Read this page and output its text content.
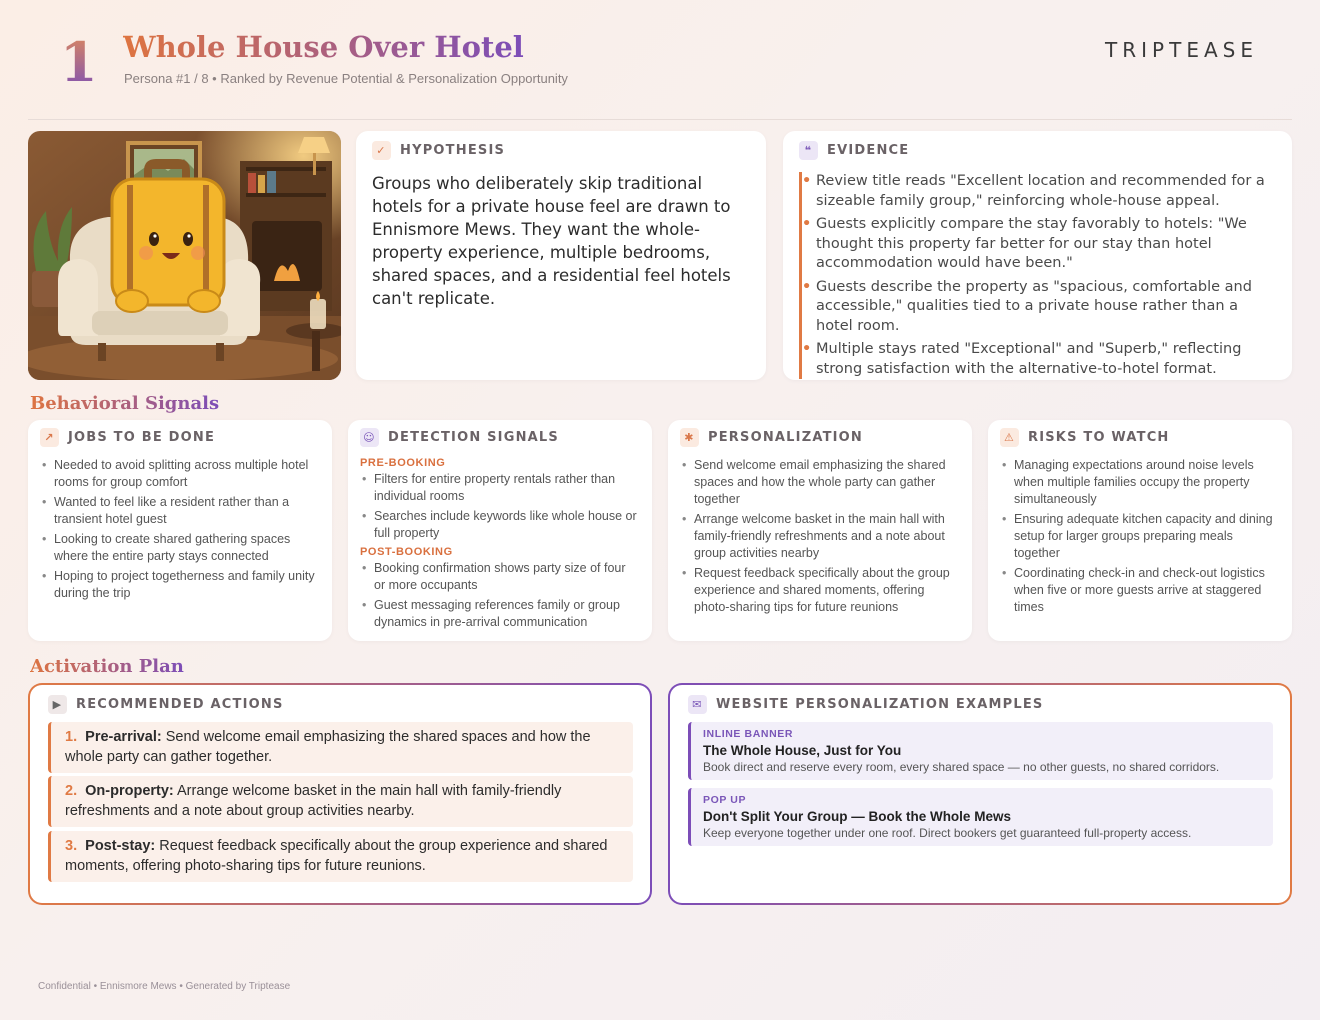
1 Whole House Over Hotel
Persona #1 / 8 • Ranked by Revenue Potential & Personalization Opportunity
TRIPTEASE
✓	HYPOTHESIS
Groups who deliberately skip traditional hotels for a private house feel are drawn to Ennismore Mews. They want the whole-property experience, multiple bedrooms, shared spaces, and a residential feel hotels can't replicate.
❝	EVIDENCE
• Review title reads "Excellent location and recommended for a sizeable family group," reinforcing whole-house appeal.
• Guests explicitly compare the stay favorably to hotels: "We thought this property far better for our stay than hotel accommodation would have been."
• Guests describe the property as "spacious, comfortable and accessible," qualities tied to a private house rather than a hotel room.
• Multiple stays rated "Exceptional" and "Superb," reflecting strong satisfaction with the alternative-to-hotel format.
Behavioral Signals
↗	JOBS TO BE DONE
• Needed to avoid splitting across multiple hotel rooms for group comfort
• Wanted to feel like a resident rather than a transient hotel guest
• Looking to create shared gathering spaces where the entire party stays connected
• Hoping to project togetherness and family unity during the trip
☺ DETECTION SIGNALS
PRE-BOOKING
• Filters for entire property rentals rather than individual rooms
• Searches include keywords like whole house or full property
POST-BOOKING
• Booking confirmation shows party size of four or more occupants
• Guest messaging references family or group dynamics in pre-arrival communication
✱	PERSONALIZATION
• Send welcome email emphasizing the shared spaces and how the whole party can gather together
• Arrange welcome basket in the main hall with family-friendly refreshments and a note about group activities nearby
• Request feedback specifically about the group experience and shared moments, offering photo-sharing tips for future reunions
⚠ RISKS TO WATCH
• Managing expectations around noise levels when multiple families occupy the property simultaneously
• Ensuring adequate kitchen capacity and dining setup for larger groups preparing meals together
• Coordinating check-in and check-out logistics when five or more guests arrive at staggered times
Activation Plan
▶	RECOMMENDED ACTIONS
1. Pre-arrival: Send welcome email emphasizing the shared spaces and how the whole party can gather together.
2. On-property: Arrange welcome basket in the main hall with family-friendly refreshments and a note about group activities nearby.
3. Post-stay: Request feedback specifically about the group experience and shared moments, offering photo-sharing tips for future reunions.
✉	WEBSITE PERSONALIZATION EXAMPLES
INLINE BANNER
The Whole House, Just for You
Book direct and reserve every room, every shared space — no other guests, no shared corridors.
POP UP
Don't Split Your Group — Book the Whole Mews
Keep everyone together under one roof. Direct bookers get guaranteed full-property access.
Confidential • Ennismore Mews • Generated by Triptease
